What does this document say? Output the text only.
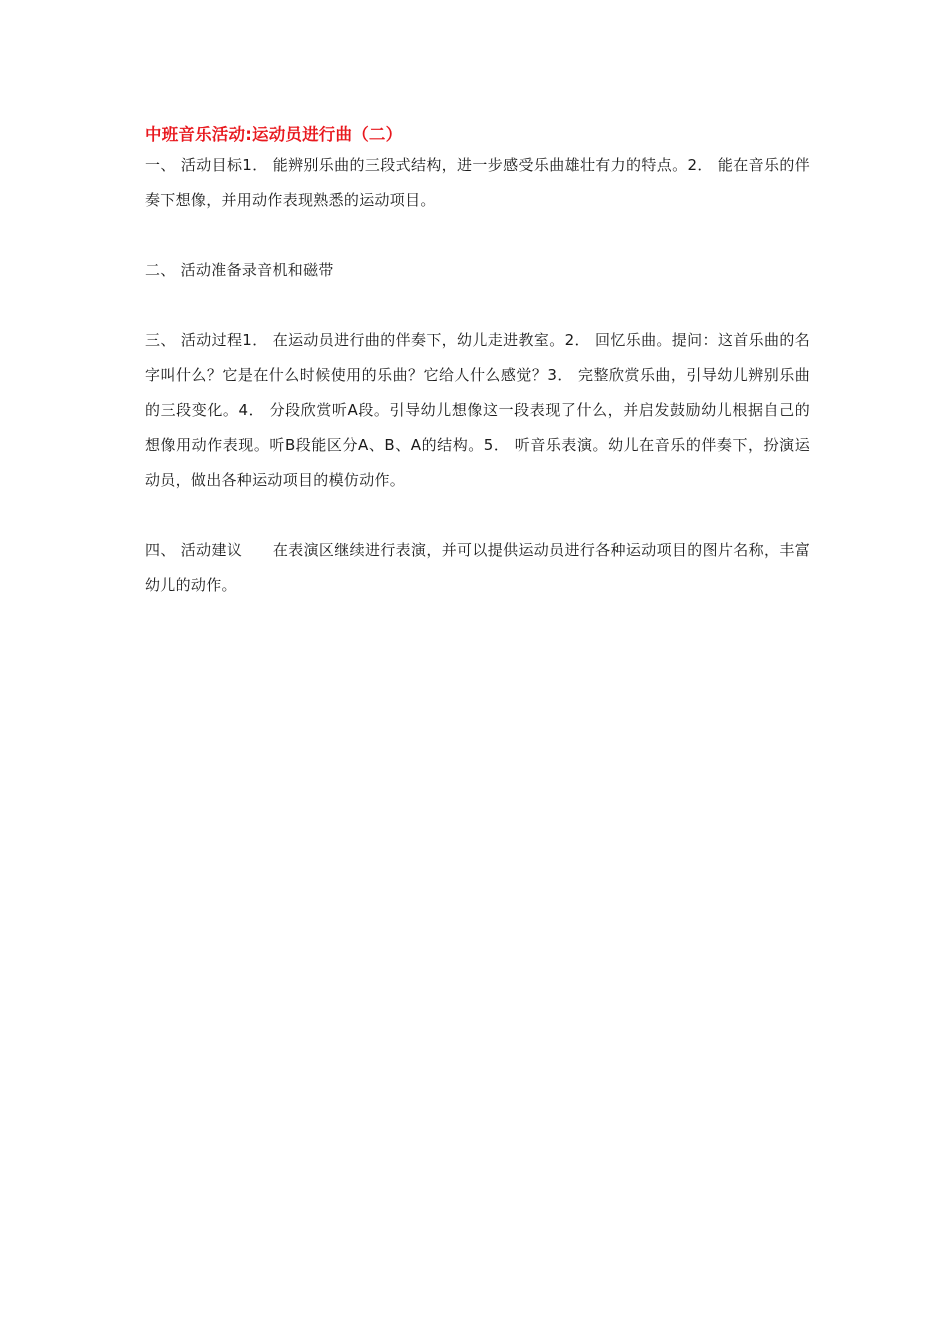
中班音乐活动:运动员进行曲（二）

一、 活动目标1． 能辨别乐曲的三段式结构，进一步感受乐曲雄壮有力的特点。2． 能在音乐的伴奏下想像，并用动作表现熟悉的运动项目。

二、 活动准备录音机和磁带

三、 活动过程1． 在运动员进行曲的伴奏下，幼儿走进教室。2． 回忆乐曲。提问：这首乐曲的名字叫什么？它是在什么时候使用的乐曲？它给人什么感觉？3． 完整欣赏乐曲，引导幼儿辨别乐曲的三段变化。4． 分段欣赏听A段。引导幼儿想像这一段表现了什么，并启发鼓励幼儿根据自己的想像用动作表现。听B段能区分A、B、A的结构。5． 听音乐表演。幼儿在音乐的伴奏下，扮演运动员，做出各种运动项目的模仿动作。

四、 活动建议　　在表演区继续进行表演，并可以提供运动员进行各种运动项目的图片名称，丰富幼儿的动作。
